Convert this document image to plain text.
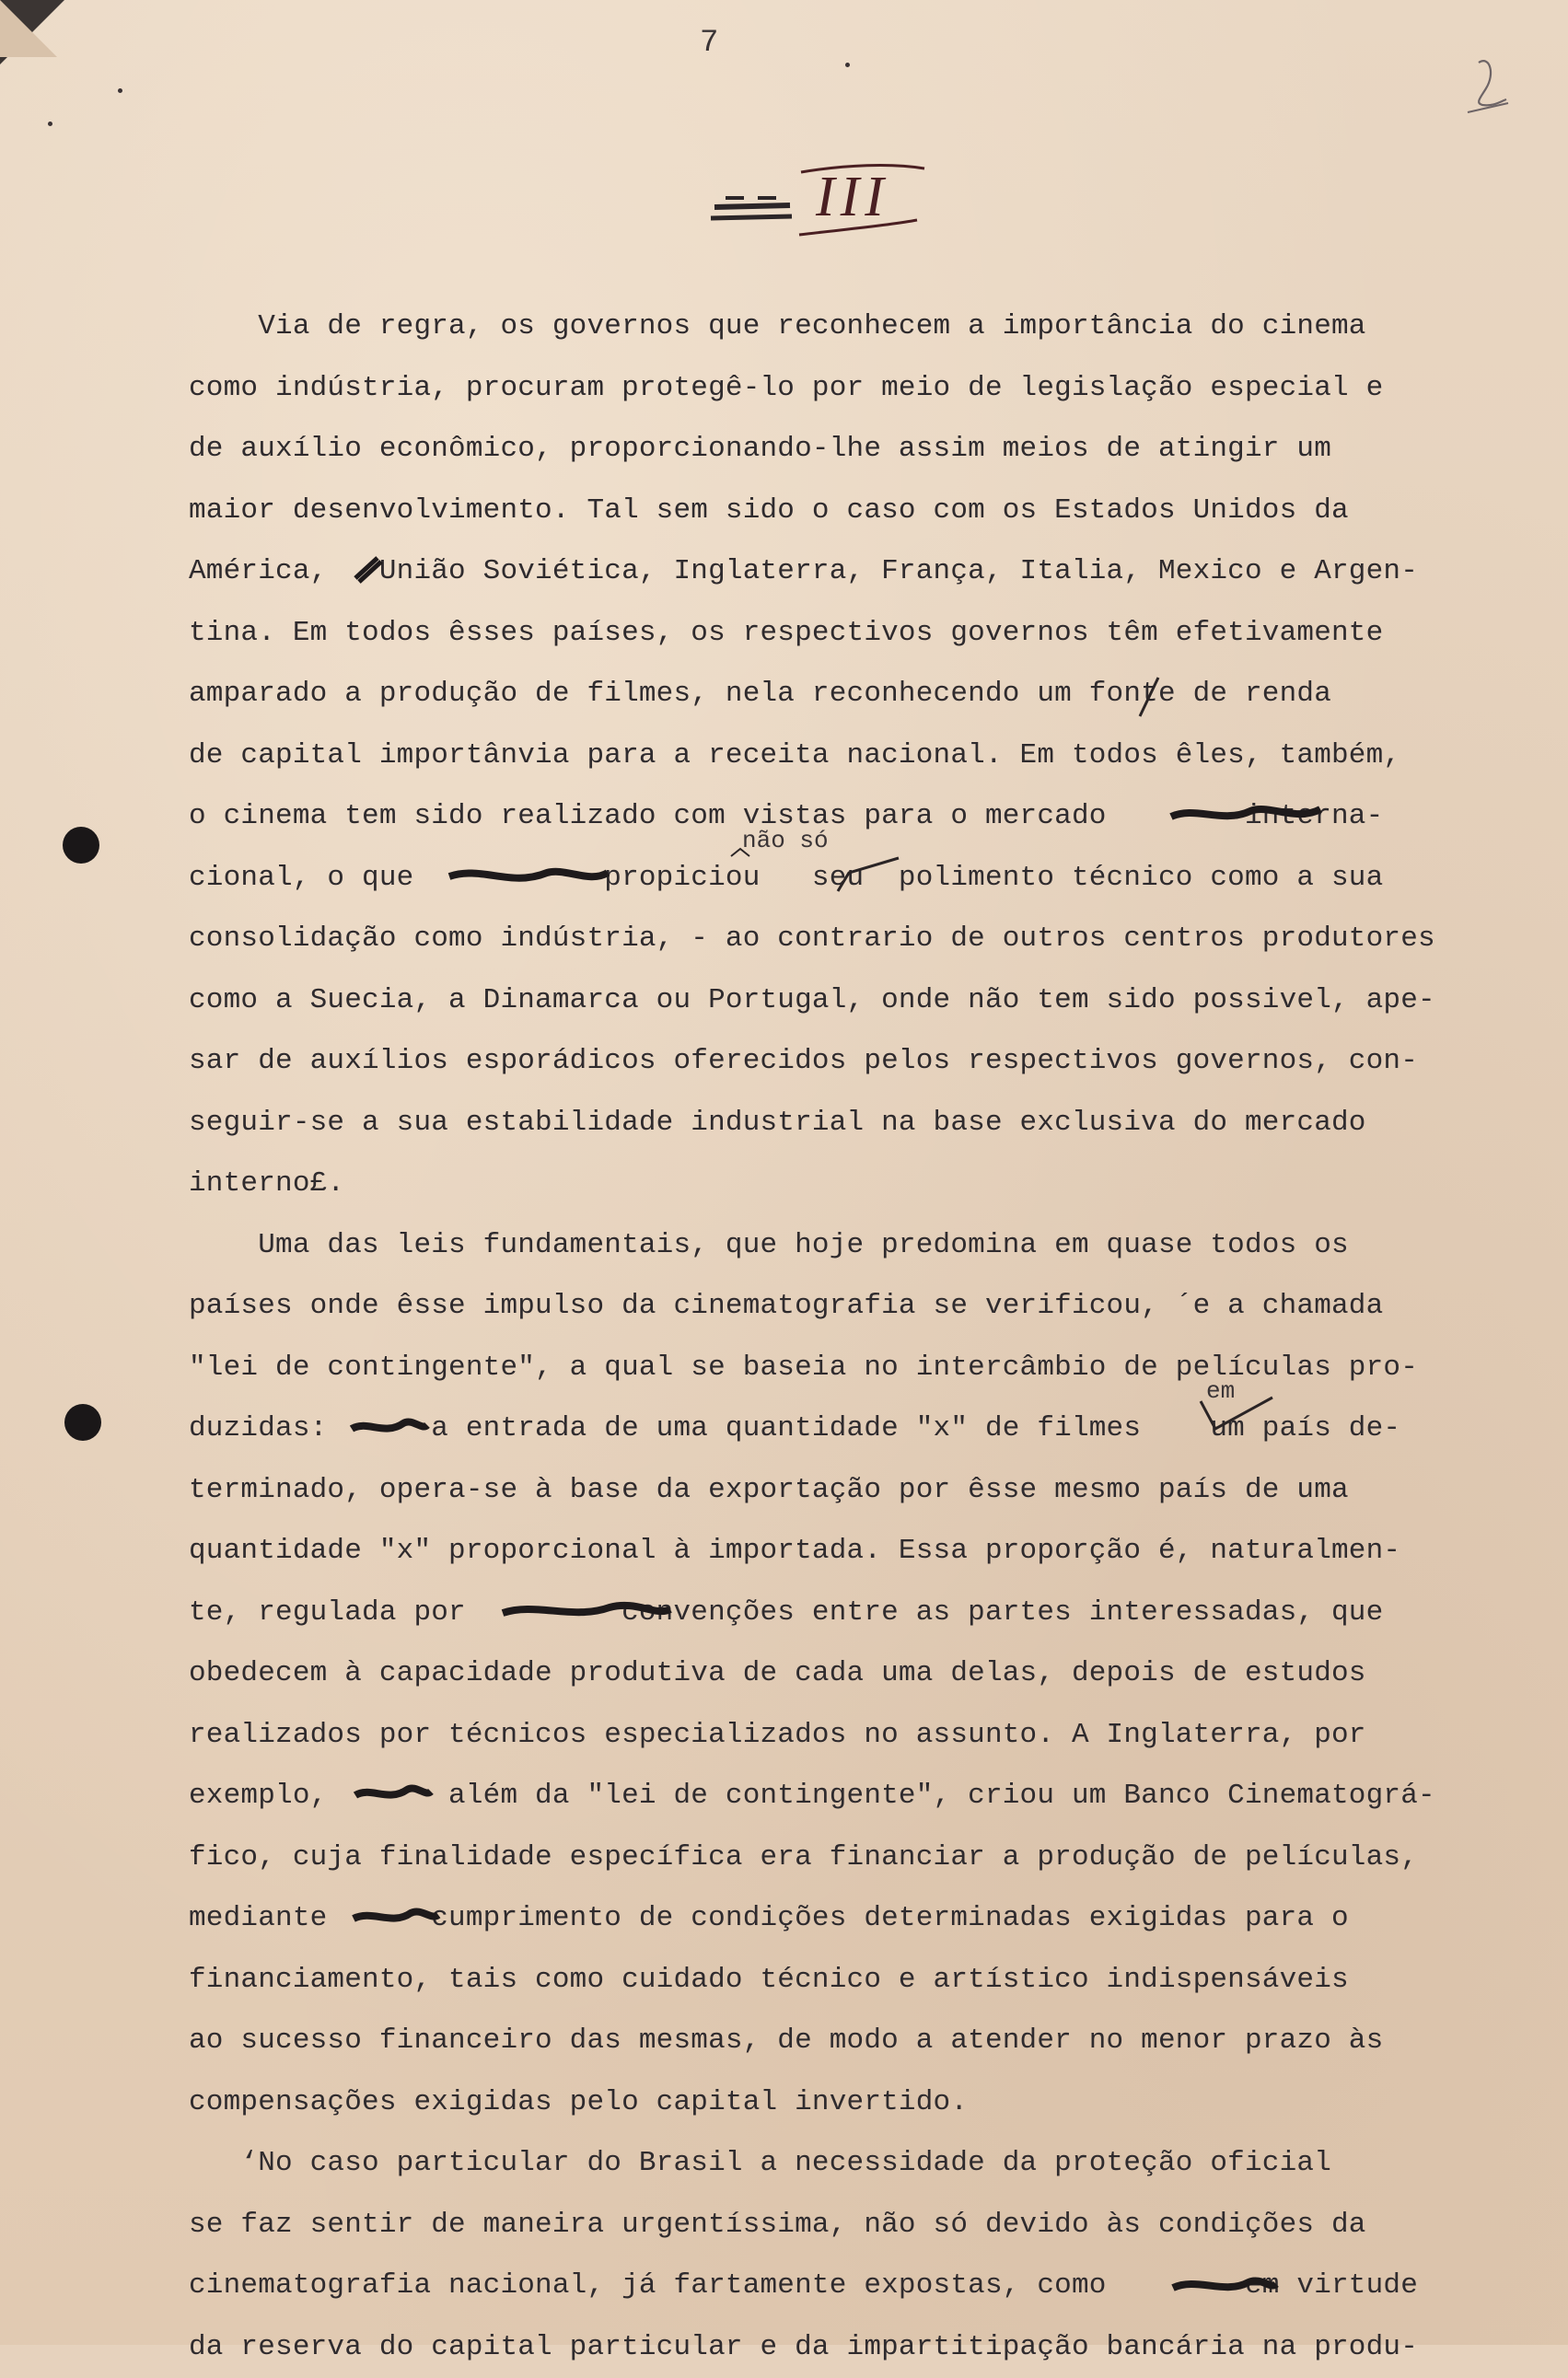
7
III
Via de regra, os governos que reconhecem a importância do cinema
como indústria, procuram protegê-lo por meio de legislação especial e
de auxílio econômico, proporcionando-lhe assim meios de atingir um
maior desenvolvimento. Tal sem sido o caso com os Estados Unidos da
América,   União Soviética, Inglaterra, França, Italia, Mexico e Argen-
tina. Em todos êsses países, os respectivos governos têm efetivamente
amparado a produção de filmes, nela reconhecendo um fonte de renda
de capital importânvia para a receita nacional. Em todos êles, também,
o cinema tem sido realizado com vistas para o mercado        interna-
cional, o que           propiciou   seu  polimento técnico como a sua
consolidação como indústria, - ao contrario de outros centros produtores
como a Suecia, a Dinamarca ou Portugal, onde não tem sido possivel, ape-
sar de auxílios esporádicos oferecidos pelos respectivos governos, con-
seguir-se a sua estabilidade industrial na base exclusiva do mercado
interno£.
Uma das leis fundamentais, que hoje predomina em quase todos os
países onde êsse impulso da cinematografia se verificou, ´e a chamada
"lei de contingente", a qual se baseia no intercâmbio de películas pro-
duzidas:      a entrada de uma quantidade "x" de filmes    um país de-
terminado, opera-se à base da exportação por êsse mesmo país de uma
quantidade "x" proporcional à importada. Essa proporção é, naturalmen-
te, regulada por         convenções entre as partes interessadas, que
obedecem à capacidade produtiva de cada uma delas, depois de estudos
realizados por técnicos especializados no assunto. A Inglaterra, por
exemplo,       além da "lei de contingente", criou um Banco Cinematográ-
fico, cuja finalidade específica era financiar a produção de películas,
mediante      cumprimento de condições determinadas exigidas para o
financiamento, tais como cuidado técnico e artístico indispensáveis
ao sucesso financeiro das mesmas, de modo a atender no menor prazo às
compensações exigidas pelo capital invertido.
‘No caso particular do Brasil a necessidade da proteção oficial
se faz sentir de maneira urgentíssima, não só devido às condições da
cinematografia nacional, já fartamente expostas, como        em virtude
da reserva do capital particular e da impartitipação bancária na produ-
não só
em
